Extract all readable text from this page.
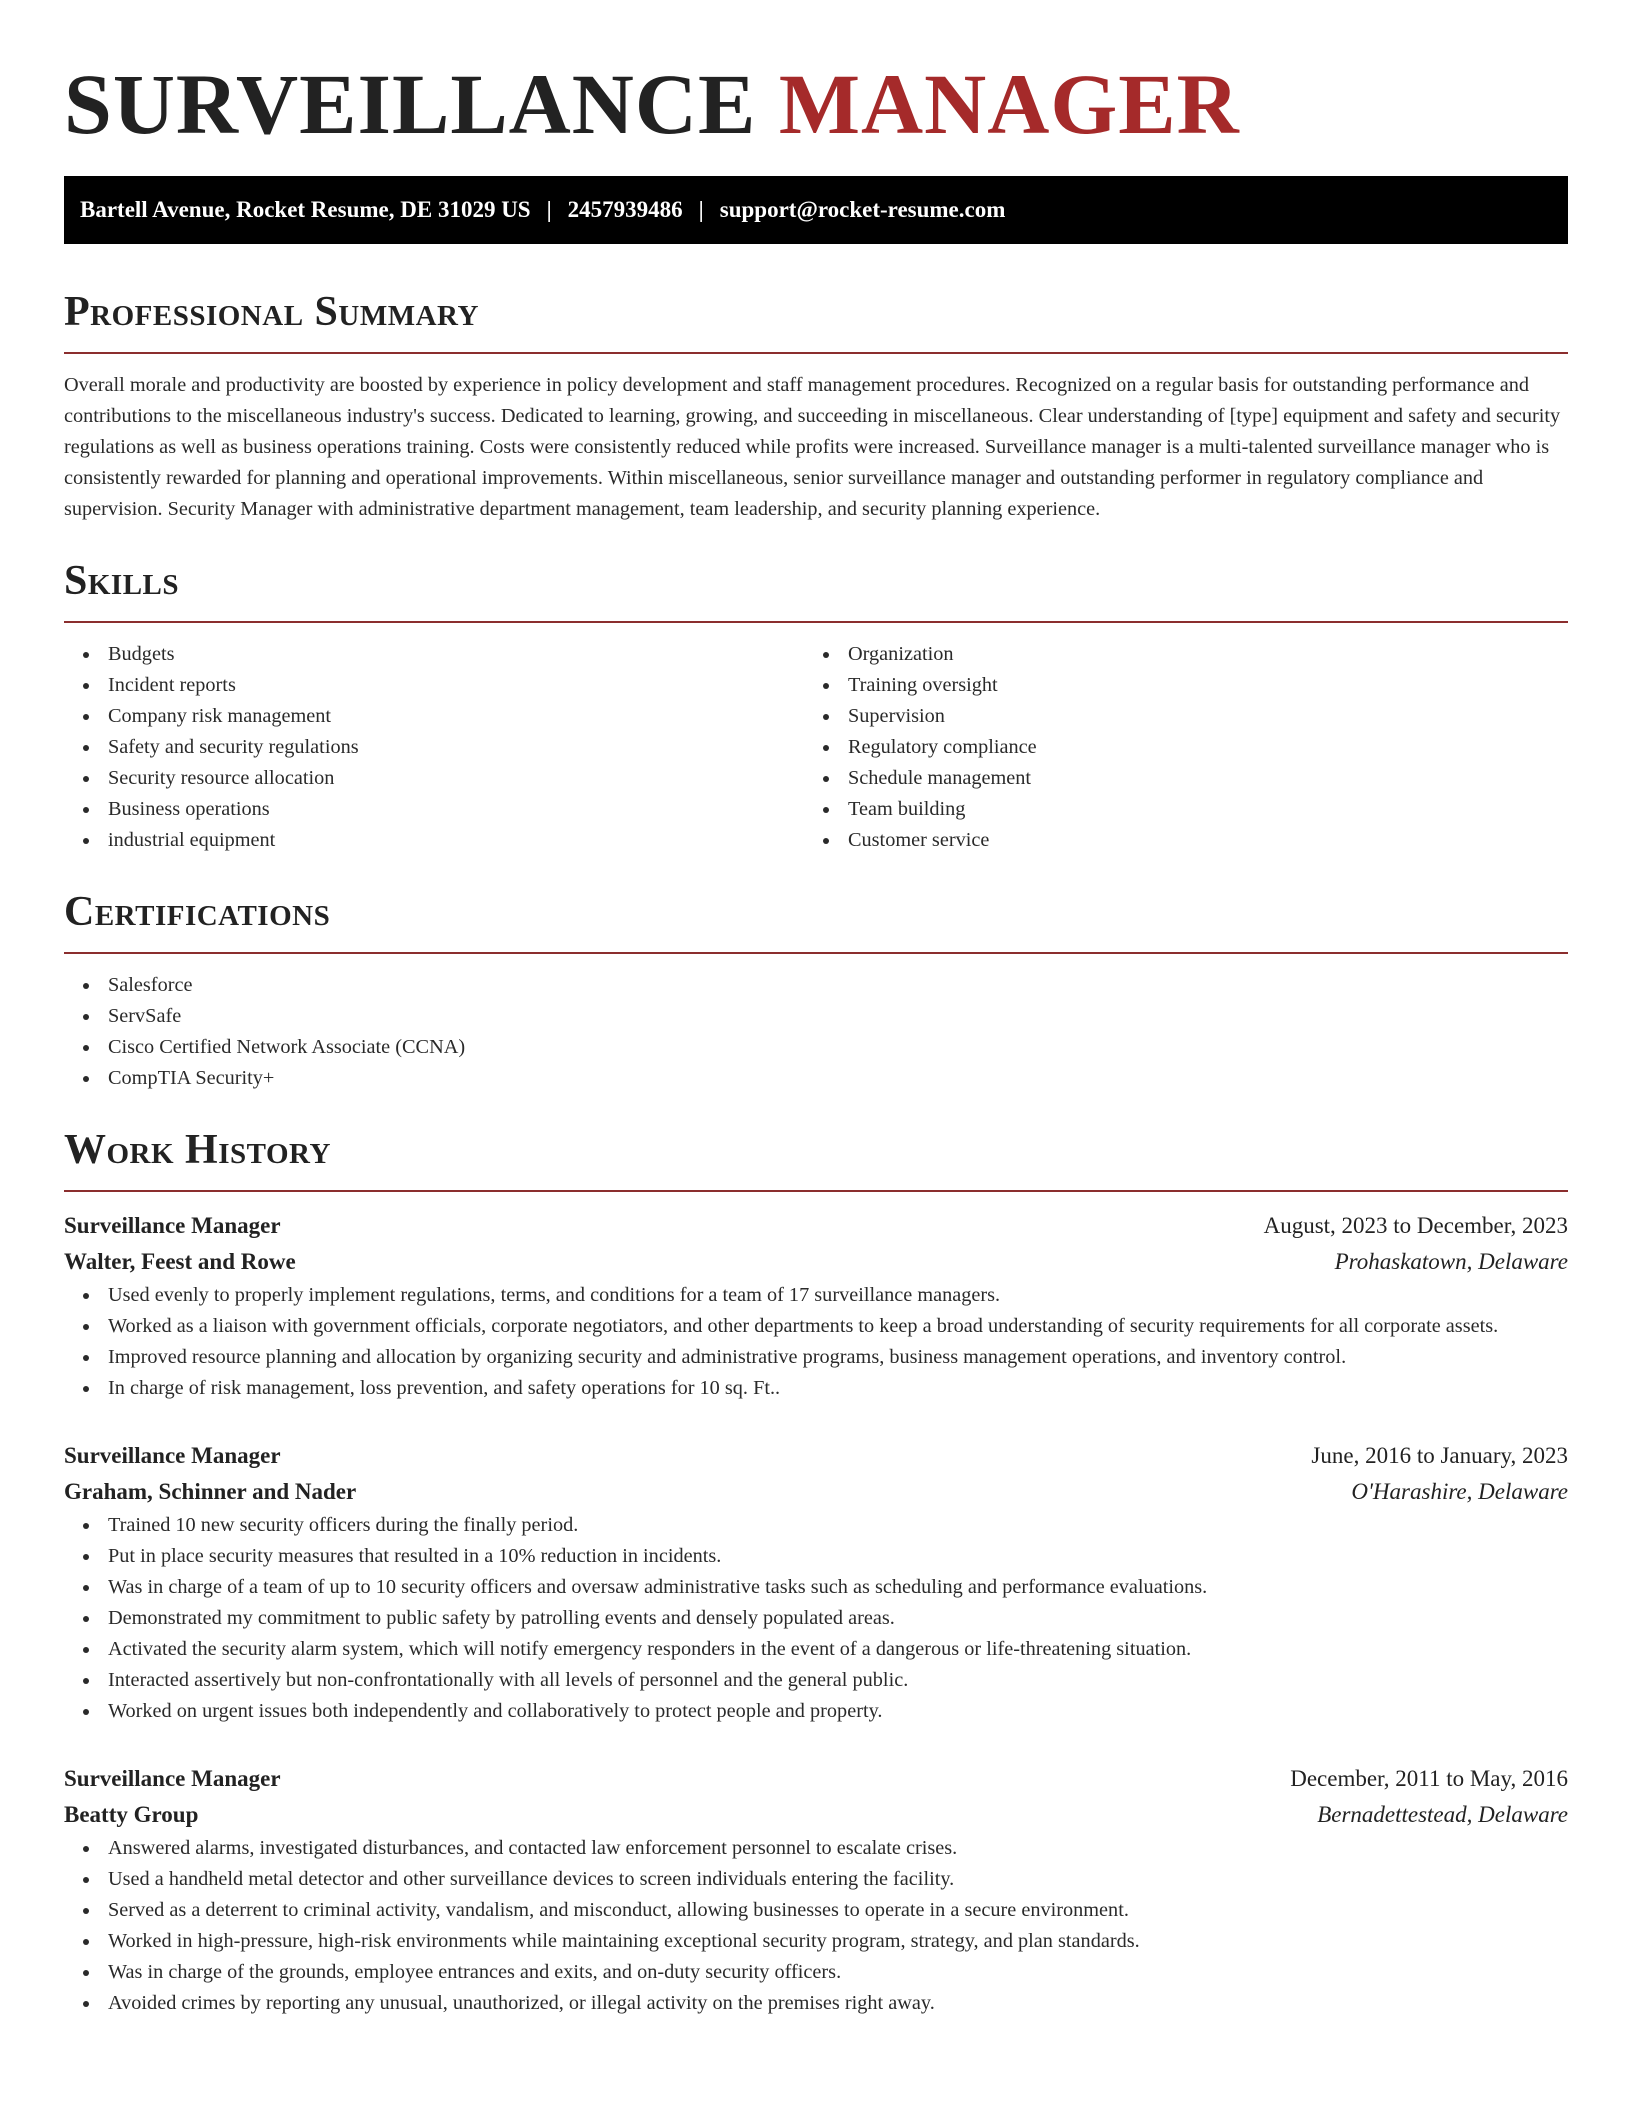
SURVEILLANCE MANAGER
Bartell Avenue, Rocket Resume, DE 31029 US | 2457939486 | support@rocket-resume.com
Professional Summary

Overall morale and productivity are boosted by experience in policy development and staff management procedures. Recognized on a regular basis for outstanding performance and contributions to the miscellaneous industry's success. Dedicated to learning, growing, and succeeding in miscellaneous. Clear understanding of [type] equipment and safety and security regulations as well as business operations training. Costs were consistently reduced while profits were increased. Surveillance manager is a multi-talented surveillance manager who is consistently rewarded for planning and operational improvements. Within miscellaneous, senior surveillance manager and outstanding performer in regulatory compliance and supervision. Security Manager with administrative department management, team leadership, and security planning experience.

Skills
Budgets
Incident reports
Company risk management
Safety and security regulations
Security resource allocation
Business operations
industrial equipment
Organization
Training oversight
Supervision
Regulatory compliance
Schedule management
Team building
Customer service
Certifications
Salesforce
ServSafe
Cisco Certified Network Associate (CCNA)
CompTIA Security+
Work History
Surveillance Manager	August, 2023 to December, 2023
Walter, Feest and Rowe	Prohaskatown, Delaware
Used evenly to properly implement regulations, terms, and conditions for a team of 17 surveillance managers.
Worked as a liaison with government officials, corporate negotiators, and other departments to keep a broad understanding of security requirements for all corporate assets.
Improved resource planning and allocation by organizing security and administrative programs, business management operations, and inventory control.
In charge of risk management, loss prevention, and safety operations for 10 sq. Ft..
Surveillance Manager	June, 2016 to January, 2023
Graham, Schinner and Nader	O'Harashire, Delaware
Trained 10 new security officers during the finally period.
Put in place security measures that resulted in a 10% reduction in incidents.
Was in charge of a team of up to 10 security officers and oversaw administrative tasks such as scheduling and performance evaluations.
Demonstrated my commitment to public safety by patrolling events and densely populated areas.
Activated the security alarm system, which will notify emergency responders in the event of a dangerous or life-threatening situation.
Interacted assertively but non-confrontationally with all levels of personnel and the general public.
Worked on urgent issues both independently and collaboratively to protect people and property.
Surveillance Manager	December, 2011 to May, 2016
Beatty Group	Bernadettestead, Delaware
Answered alarms, investigated disturbances, and contacted law enforcement personnel to escalate crises.
Used a handheld metal detector and other surveillance devices to screen individuals entering the facility.
Served as a deterrent to criminal activity, vandalism, and misconduct, allowing businesses to operate in a secure environment.
Worked in high-pressure, high-risk environments while maintaining exceptional security program, strategy, and plan standards.
Was in charge of the grounds, employee entrances and exits, and on-duty security officers.
Avoided crimes by reporting any unusual, unauthorized, or illegal activity on the premises right away.
